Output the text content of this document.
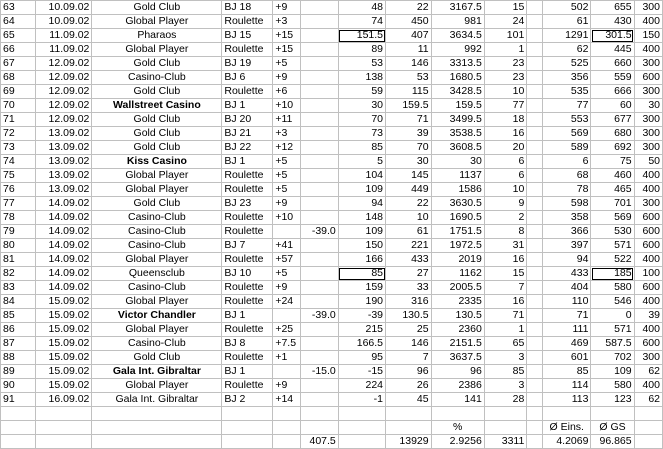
63	10.09.02	Gold Club	BJ 18	+9		48	22	3167.5	15		502	655	300
64	10.09.02	Global Player	Roulette	+3		74	450	981	24		61	430	400
65	11.09.02	Pharaos	BJ 15	+15		151.5	407	3634.5	101		1291	301.5	150
66	11.09.02	Global Player	Roulette	+15		89	11	992	1		62	445	400
67	12.09.02	Gold Club	BJ 19	+5		53	146	3313.5	23		525	660	300
68	12.09.02	Casino-Club	BJ 6	+9		138	53	1680.5	23		356	559	600
69	12.09.02	Gold Club	Roulette	+6		59	115	3428.5	10		535	666	300
70	12.09.02	Wallstreet Casino	BJ 1	+10		30	159.5	159.5	77		77	60	30
71	12.09.02	Gold Club	BJ 20	+11		70	71	3499.5	18		553	677	300
72	13.09.02	Gold Club	BJ 21	+3		73	39	3538.5	16		569	680	300
73	13.09.02	Gold Club	BJ 22	+12		85	70	3608.5	20		589	692	300
74	13.09.02	Kiss Casino	BJ 1	+5		5	30	30	6		6	75	50
75	13.09.02	Global Player	Roulette	+5		104	145	1137	6		68	460	400
76	13.09.02	Global Player	Roulette	+5		109	449	1586	10		78	465	400
77	14.09.02	Gold Club	BJ 23	+9		94	22	3630.5	9		598	701	300
78	14.09.02	Casino-Club	Roulette	+10		148	10	1690.5	2		358	569	600
79	14.09.02	Casino-Club	Roulette		-39.0	109	61	1751.5	8		366	530	600
80	14.09.02	Casino-Club	BJ 7	+41		150	221	1972.5	31		397	571	600
81	14.09.02	Global Player	Roulette	+57		166	433	2019	16		94	522	400
82	14.09.02	Queensclub	BJ 10	+5		85	27	1162	15		433	185	100
83	14.09.02	Casino-Club	Roulette	+9		159	33	2005.5	7		404	580	600
84	15.09.02	Global Player	Roulette	+24		190	316	2335	16		110	546	400
85	15.09.02	Victor Chandler	BJ 1		-39.0	-39	130.5	130.5	71		71	0	39
86	15.09.02	Global Player	Roulette	+25		215	25	2360	1		111	571	400
87	15.09.02	Casino-Club	BJ 8	+7.5		166.5	146	2151.5	65		469	587.5	600
88	15.09.02	Gold Club	Roulette	+1		95	7	3637.5	3		601	702	300
89	15.09.02	Gala Int. Gibraltar	BJ 1		-15.0	-15	96	96	85		85	109	62
90	15.09.02	Global Player	Roulette	+9		224	26	2386	3		114	580	400
91	16.09.02	Gala Int. Gibraltar	BJ 2	+14		-1	45	141	28		113	123	62

								%			Ø Eins.	Ø GS	
					407.5		13929	2.9256	3311		4.2069	96.865	
